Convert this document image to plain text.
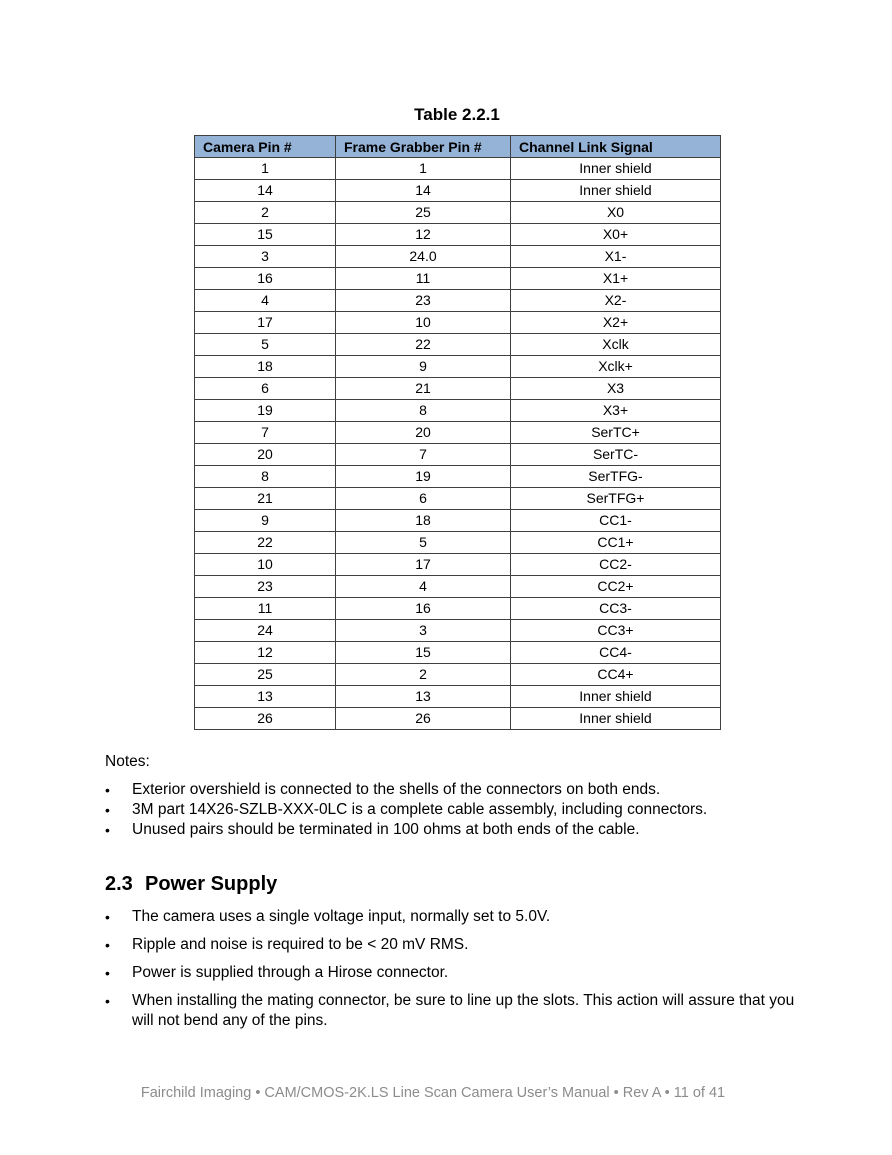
Table 2.2.1
Camera Pin #	Frame Grabber Pin #	Channel Link Signal
1	1	Inner shield
14	14	Inner shield
2	25	X0
15	12	X0+
3	24.0	X1-
16	11	X1+
4	23	X2-
17	10	X2+
5	22	Xclk
18	9	Xclk+
6	21	X3
19	8	X3+
7	20	SerTC+
20	7	SerTC-
8	19	SerTFG-
21	6	SerTFG+
9	18	CC1-
22	5	CC1+
10	17	CC2-
23	4	CC2+
11	16	CC3-
24	3	CC3+
12	15	CC4-
25	2	CC4+
13	13	Inner shield
26	26	Inner shield
Notes:
• Exterior overshield is connected to the shells of the connectors on both ends.
• 3M part 14X26-SZLB-XXX-0LC is a complete cable assembly, including connectors.
• Unused pairs should be terminated in 100 ohms at both ends of the cable.
2.3 Power Supply
• The camera uses a single voltage input, normally set to 5.0V.
• Ripple and noise is required to be < 20 mV RMS.
• Power is supplied through a Hirose connector.
• When installing the mating connector, be sure to line up the slots. This action will assure that you will not bend any of the pins.
Fairchild Imaging • CAM/CMOS-2K.LS Line Scan Camera User’s Manual • Rev A • 11 of 41
